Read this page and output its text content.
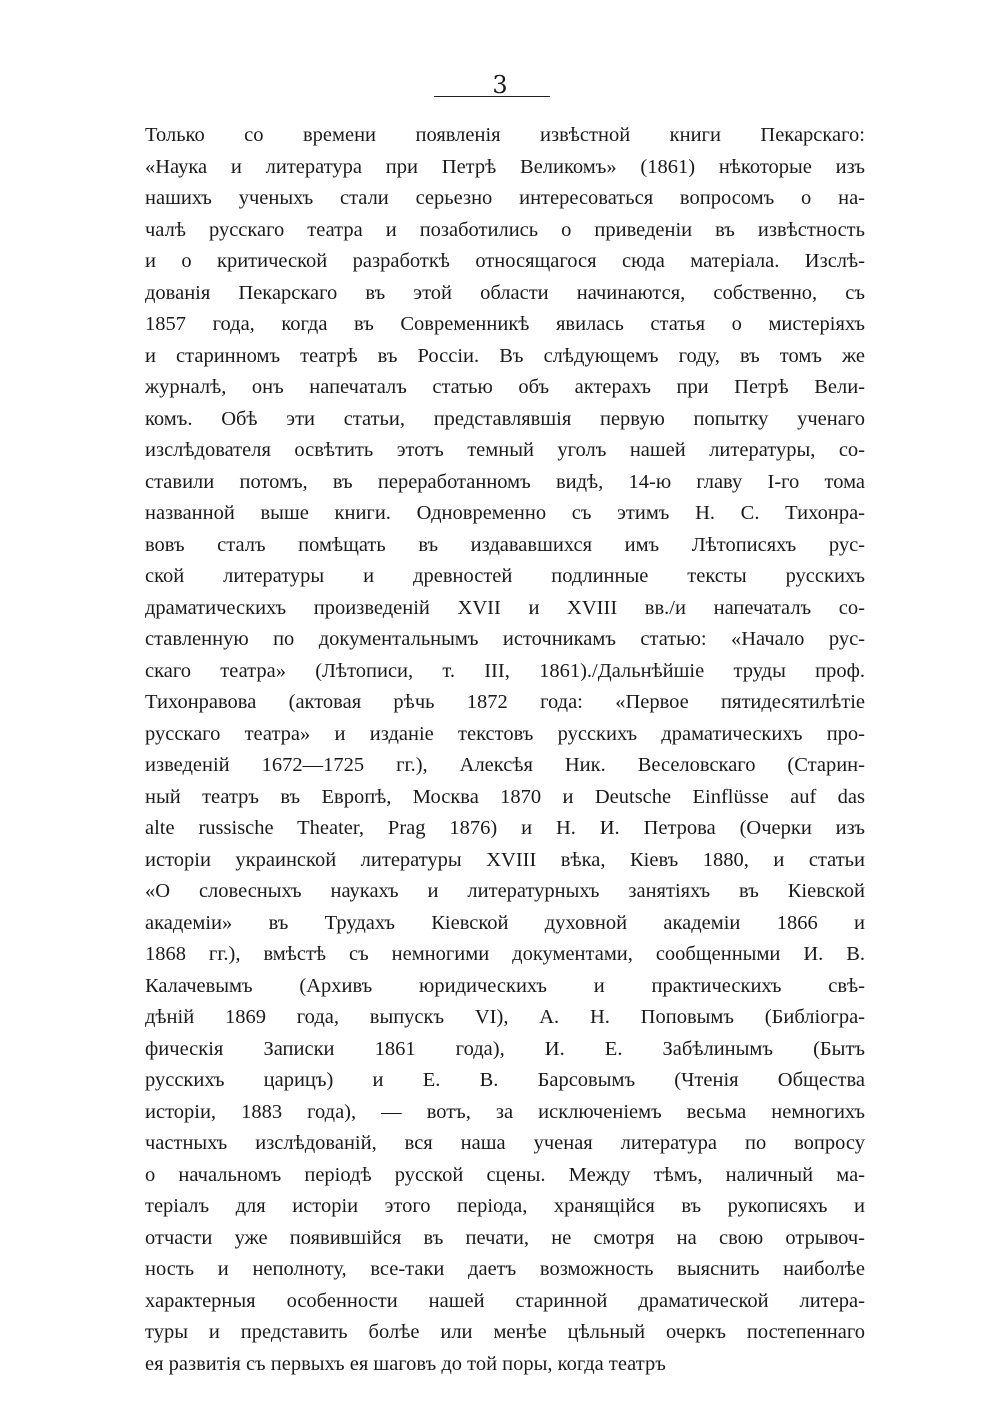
3
Только со времени появленія извѣстной книги Пекарскаго:
«Наука и литература при Петрѣ Великомъ» (1861) нѣкоторые изъ
нашихъ ученыхъ стали серьезно интересоваться вопросомъ о на-
чалѣ русскаго театра и позаботились о приведеніи въ извѣстность
и о критической разработкѣ относящагося сюда матеріала. Изслѣ-
дованія Пекарскаго въ этой области начинаются, собственно, съ
1857 года, когда въ Современникѣ явилась статья о мистеріяхъ
и старинномъ театрѣ въ Россіи. Въ слѣдующемъ году, въ томъ же
журналѣ, онъ напечаталъ статью объ актерахъ при Петрѣ Вели-
комъ. Обѣ эти статьи, представлявшія первую попытку ученаго
изслѣдователя освѣтить этотъ темный уголъ нашей литературы, со-
ставили потомъ, въ переработанномъ видѣ, 14-ю главу I-го тома
названной выше книги. Одновременно съ этимъ Н. С. Тихонра-
вовъ сталъ помѣщать въ издававшихся имъ Лѣтописяхъ рус-
ской литературы и древностей подлинные тексты русскихъ
драматическихъ произведеній XVII и XVIII вв./и напечаталъ со-
ставленную по документальнымъ источникамъ статью: «Начало рус-
скаго театра» (Лѣтописи, т. III, 1861)./Дальнѣйшіе труды проф.
Тихонравова (актовая рѣчь 1872 года: «Первое пятидесятилѣтіе
русскаго театра» и изданіе текстовъ русскихъ драматическихъ про-
изведеній 1672—1725 гг.), Алексѣя Ник. Веселовскаго (Старин-
ный театръ въ Европѣ, Москва 1870 и Deutsche Einflüsse auf das
alte russische Theater, Prag 1876) и Н. И. Петрова (Очерки изъ
исторіи украинской литературы XVIII вѣка, Кіевъ 1880, и статьи
«О словесныхъ наукахъ и литературныхъ занятіяхъ въ Кіевской
академіи» въ Трудахъ Кіевской духовной академіи 1866 и
1868 гг.), вмѣстѣ съ немногими документами, сообщенными И. В.
Калачевымъ (Архивъ юридическихъ и практическихъ свѣ-
дѣній 1869 года, выпускъ VI), А. Н. Поповымъ (Библіогра-
фическія Записки 1861 года), И. Е. Забѣлинымъ (Бытъ
русскихъ царицъ) и Е. В. Барсовымъ (Чтенія Общества
исторіи, 1883 года), — вотъ, за исключеніемъ весьма немногихъ
частныхъ изслѣдованій, вся наша ученая литература по вопросу
о начальномъ періодѣ русской сцены. Между тѣмъ, наличный ма-
теріалъ для исторіи этого періода, хранящійся въ рукописяхъ и
отчасти уже появившійся въ печати, не смотря на свою отрывоч-
ность и неполноту, все-таки даетъ возможность выяснить наиболѣе
характерныя особенности нашей старинной драматической литера-
туры и представить болѣе или менѣе цѣльный очеркъ постепеннаго
ея развитія съ первыхъ ея шаговъ до той поры, когда театръ
